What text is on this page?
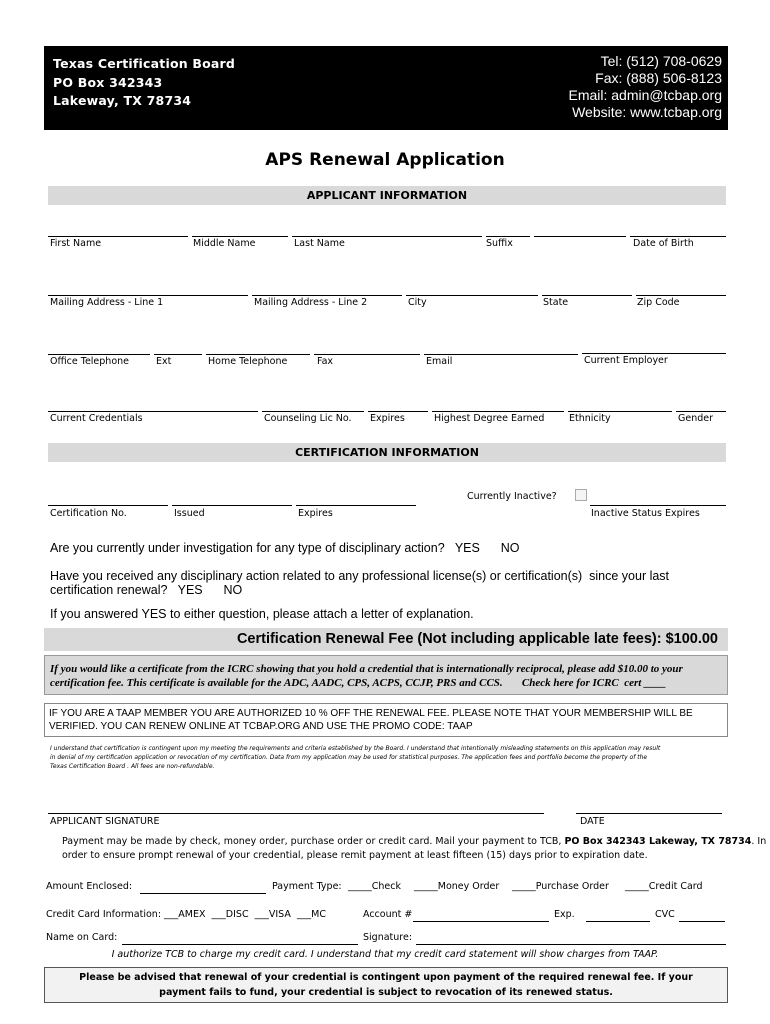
Texas Certification Board
PO Box 342343
Lakeway, TX 78734
Tel: (512) 708-0629
Fax: (888) 506-8123
Email: admin@tcbap.org
Website: www.tcbap.org
APS Renewal Application
APPLICANT INFORMATION
First Name	Middle Name	Last Name	Suffix	Date of Birth
Mailing Address - Line 1	Mailing Address - Line 2	City	State	Zip Code
Office Telephone	Ext	Home Telephone	Fax	Email	Current Employer
Current Credentials	Counseling Lic No. Expires	Highest Degree Earned	Ethnicity	Gender
CERTIFICATION INFORMATION
Currently Inactive?
Certification No.	Issued	Expires	Inactive Status Expires
Are you currently under investigation for any type of disciplinary action?   YES      NO
Have you received any disciplinary action related to any professional license(s) or certification(s)  since your last
certification renewal?   YES      NO
If you answered YES to either question, please attach a letter of explanation.
Certification Renewal Fee (Not including applicable late fees): $100.00
If you would like a certificate from the ICRC showing that you hold a credential that is internationally reciprocal, please add $10.00 to your
certification fee. This certificate is available for the ADC, AADC, CPS, ACPS, CCJP, PRS and CCS.       Check here for ICRC  cert ____
IF YOU ARE A TAAP MEMBER YOU ARE AUTHORIZED 10 % OFF THE RENEWAL FEE. PLEASE NOTE THAT YOUR MEMBERSHIP WILL BE
VERIFIED. YOU CAN RENEW ONLINE AT TCBAP.ORG AND USE THE PROMO CODE: TAAP
I understand that certification is contingent upon my meeting the requirements and criteria established by the Board. I understand that intentionally misleading statements on this application may result
in denial of my certification application or revocation of my certification. Data from my application may be used for statistical purposes. The application fees and portfolio become the property of the
Texas Certification Board . All fees are non-refundable.
APPLICANT SIGNATURE	DATE
Payment may be made by check, money order, purchase order or credit card. Mail your payment to TCB, PO Box 342343 Lakeway, TX 78734. In
order to ensure prompt renewal of your credential, please remit payment at least fifteen (15) days prior to expiration date.
Amount Enclosed:	Payment Type: _____Check _____Money Order _____Purchase Order _____Credit Card
Credit Card Information: ___AMEX  ___DISC  ___VISA  ___MC	Account #	Exp.	CVC
Name on Card:	Signature:
I authorize TCB to charge my credit card. I understand that my credit card statement will show charges from TAAP.
Please be advised that renewal of your credential is contingent upon payment of the required renewal fee. If your
payment fails to fund, your credential is subject to revocation of its renewed status.
